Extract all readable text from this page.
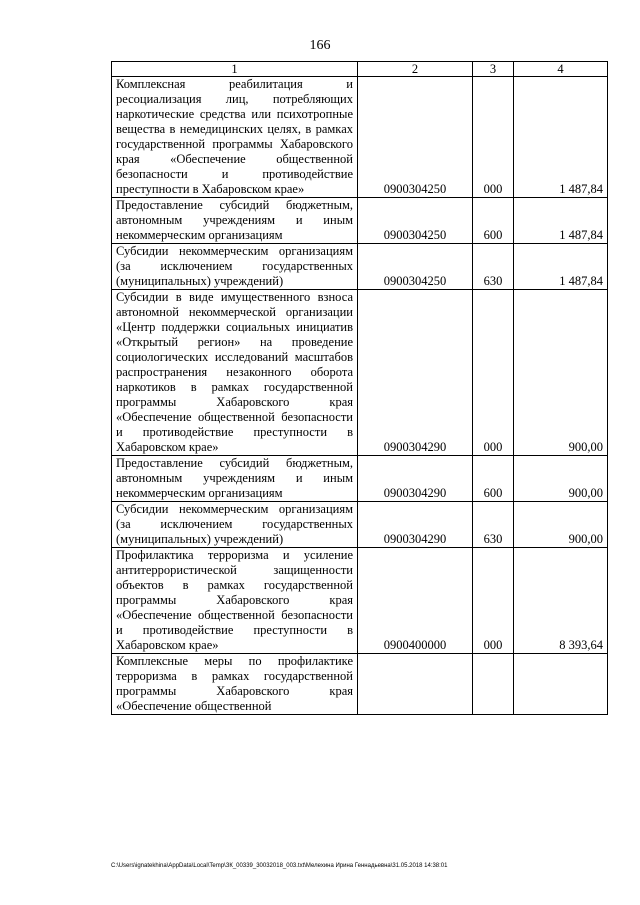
166
1	2	3	4
Комплексная реабилитация и ресоциализация лиц, потребляющих наркотические средства или психотропные вещества в немедицинских целях, в рамках государственной программы Хабаровского края «Обеспечение общественной безопасности и противодействие преступности в Хабаровском крае»	0900304250	000	1 487,84
Предоставление субсидий бюджетным, автономным учреждениям и иным некоммерческим организациям	0900304250	600	1 487,84
Субсидии некоммерческим организациям (за исключением государственных (муниципальных) учреждений)	0900304250	630	1 487,84
Субсидии в виде имущественного взноса автономной некоммерческой организации «Центр поддержки социальных инициатив «Открытый регион» на проведение социологических исследований масштабов распространения незаконного оборота наркотиков в рамках государственной программы Хабаровского края «Обеспечение общественной безопасности и противодействие преступности в Хабаровском крае»	0900304290	000	900,00
Предоставление субсидий бюджетным, автономным учреждениям и иным некоммерческим организациям	0900304290	600	900,00
Субсидии некоммерческим организациям (за исключением государственных (муниципальных) учреждений)	0900304290	630	900,00
Профилактика терроризма и усиление антитеррористической защищенности объектов в рамках государственной программы Хабаровского края «Обеспечение общественной безопасности и противодействие преступности в Хабаровском крае»	0900400000	000	8 393,64
Комплексные меры по профилактике терроризма в рамках государственной программы Хабаровского края «Обеспечение общественной			
C:\Users\ignatekhina\AppData\Local\Temp\ЗК_00339_30032018_003.txt\Мелехина Ирина Геннадьевна\31.05.2018 14:38:01
